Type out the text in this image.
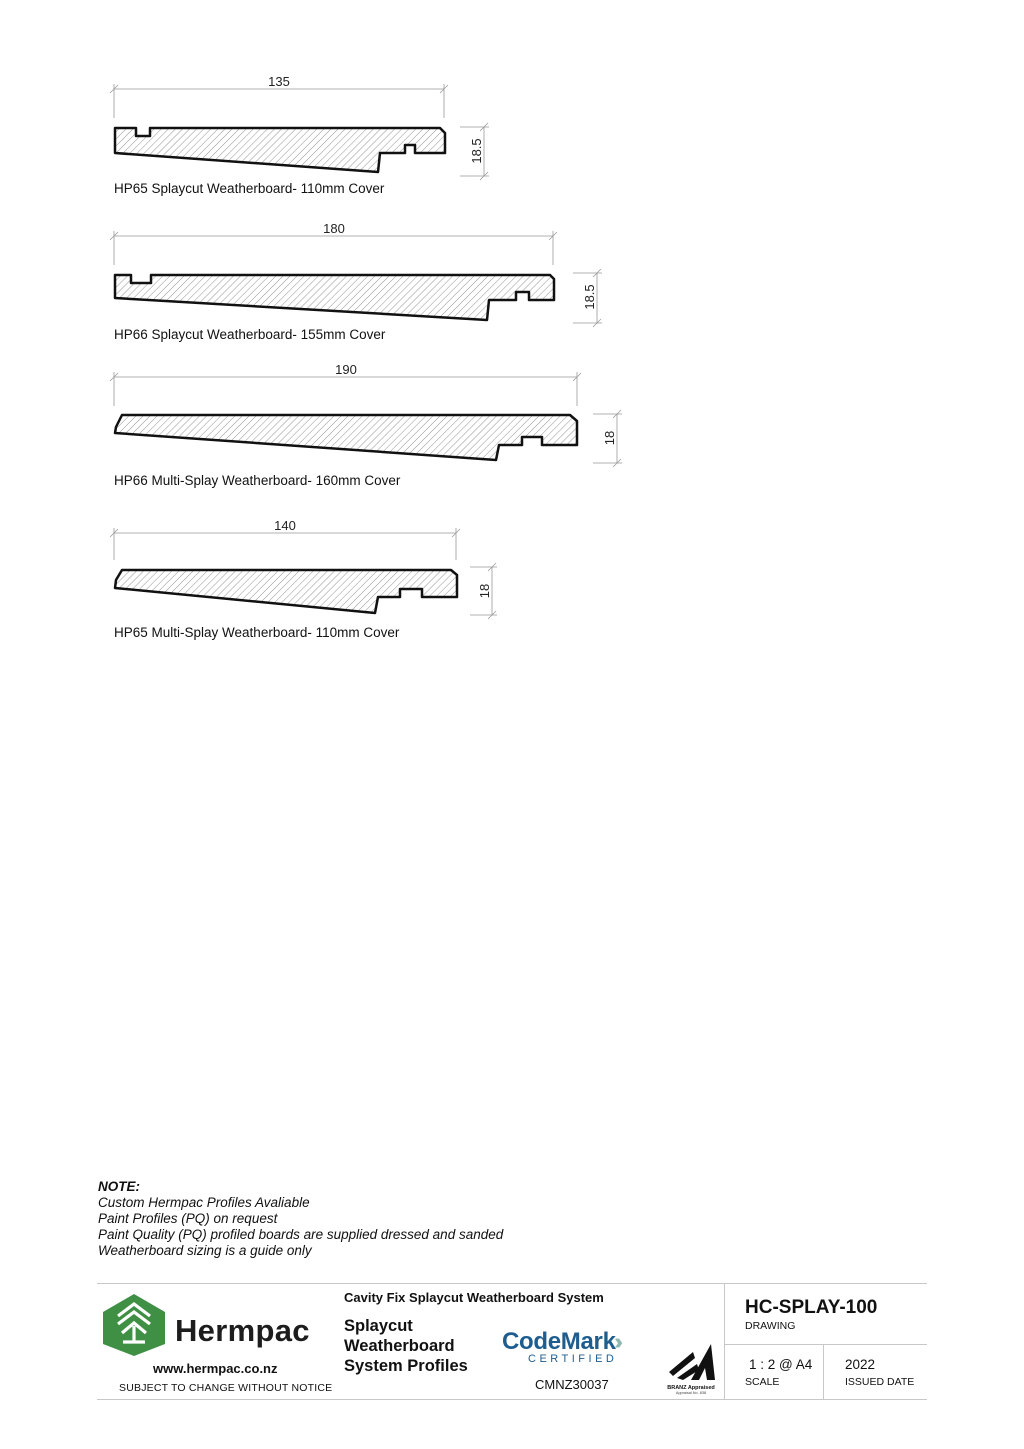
135
18.5
HP65 Splaycut Weatherboard- 110mm Cover
180
18.5
HP66 Splaycut Weatherboard- 155mm Cover
190
18
HP66 Multi-Splay Weatherboard- 160mm Cover
140
18
HP65 Multi-Splay Weatherboard- 110mm Cover
NOTE:
Custom Hermpac Profiles Avaliable
Paint Profiles (PQ) on request
Paint Quality (PQ) profiled boards are supplied dressed and sanded
Weatherboard sizing is a guide only
Hermpac
www.hermpac.co.nz
SUBJECT TO CHANGE WITHOUT NOTICE
Cavity Fix Splaycut Weatherboard System
Splaycut
Weatherboard
System Profiles
CodeMark
CERTIFIED
CMNZ30037	BRANZ Appraised
Appraisal No. 838
HC-SPLAY-100
DRAWING
1 : 2 @ A4
SCALE
2022
ISSUED DATE
